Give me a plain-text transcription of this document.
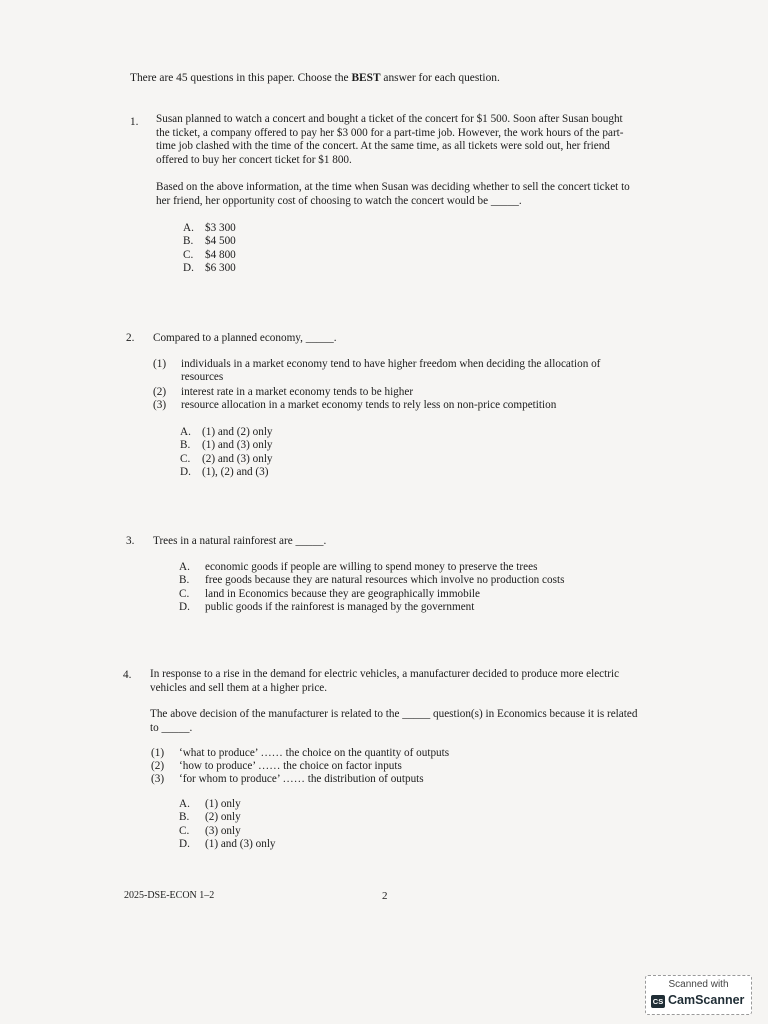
There are 45 questions in this paper. Choose the BEST answer for each question.
1. Susan planned to watch a concert and bought a ticket of the concert for $1 500. Soon after Susan bought
the ticket, a company offered to pay her $3 000 for a part-time job. However, the work hours of the part-
time job clashed with the time of the concert. At the same time, as all tickets were sold out, her friend
offered to buy her concert ticket for $1 800.
Based on the above information, at the time when Susan was deciding whether to sell the concert ticket to
her friend, her opportunity cost of choosing to watch the concert would be _____.
A. $3 300
B. $4 500
C. $4 800
D. $6 300
2. Compared to a planned economy, _____.
(1) individuals in a market economy tend to have higher freedom when deciding the allocation of
resources
(2) interest rate in a market economy tends to be higher
(3) resource allocation in a market economy tends to rely less on non-price competition
A. (1) and (2) only
B. (1) and (3) only
C. (2) and (3) only
D. (1), (2) and (3)
3. Trees in a natural rainforest are _____.
A. economic goods if people are willing to spend money to preserve the trees
B. free goods because they are natural resources which involve no production costs
C. land in Economics because they are geographically immobile
D. public goods if the rainforest is managed by the government
4. In response to a rise in the demand for electric vehicles, a manufacturer decided to produce more electric
vehicles and sell them at a higher price.
The above decision of the manufacturer is related to the _____ question(s) in Economics because it is related
to _____.
(1) ‘what to produce’ …… the choice on the quantity of outputs
(2) ‘how to produce’ …… the choice on factor inputs
(3) ‘for whom to produce’ …… the distribution of outputs
A. (1) only
B. (2) only
C. (3) only
D. (1) and (3) only
2025-DSE-ECON 1–2	2
Scanned with
CS CamScanner
